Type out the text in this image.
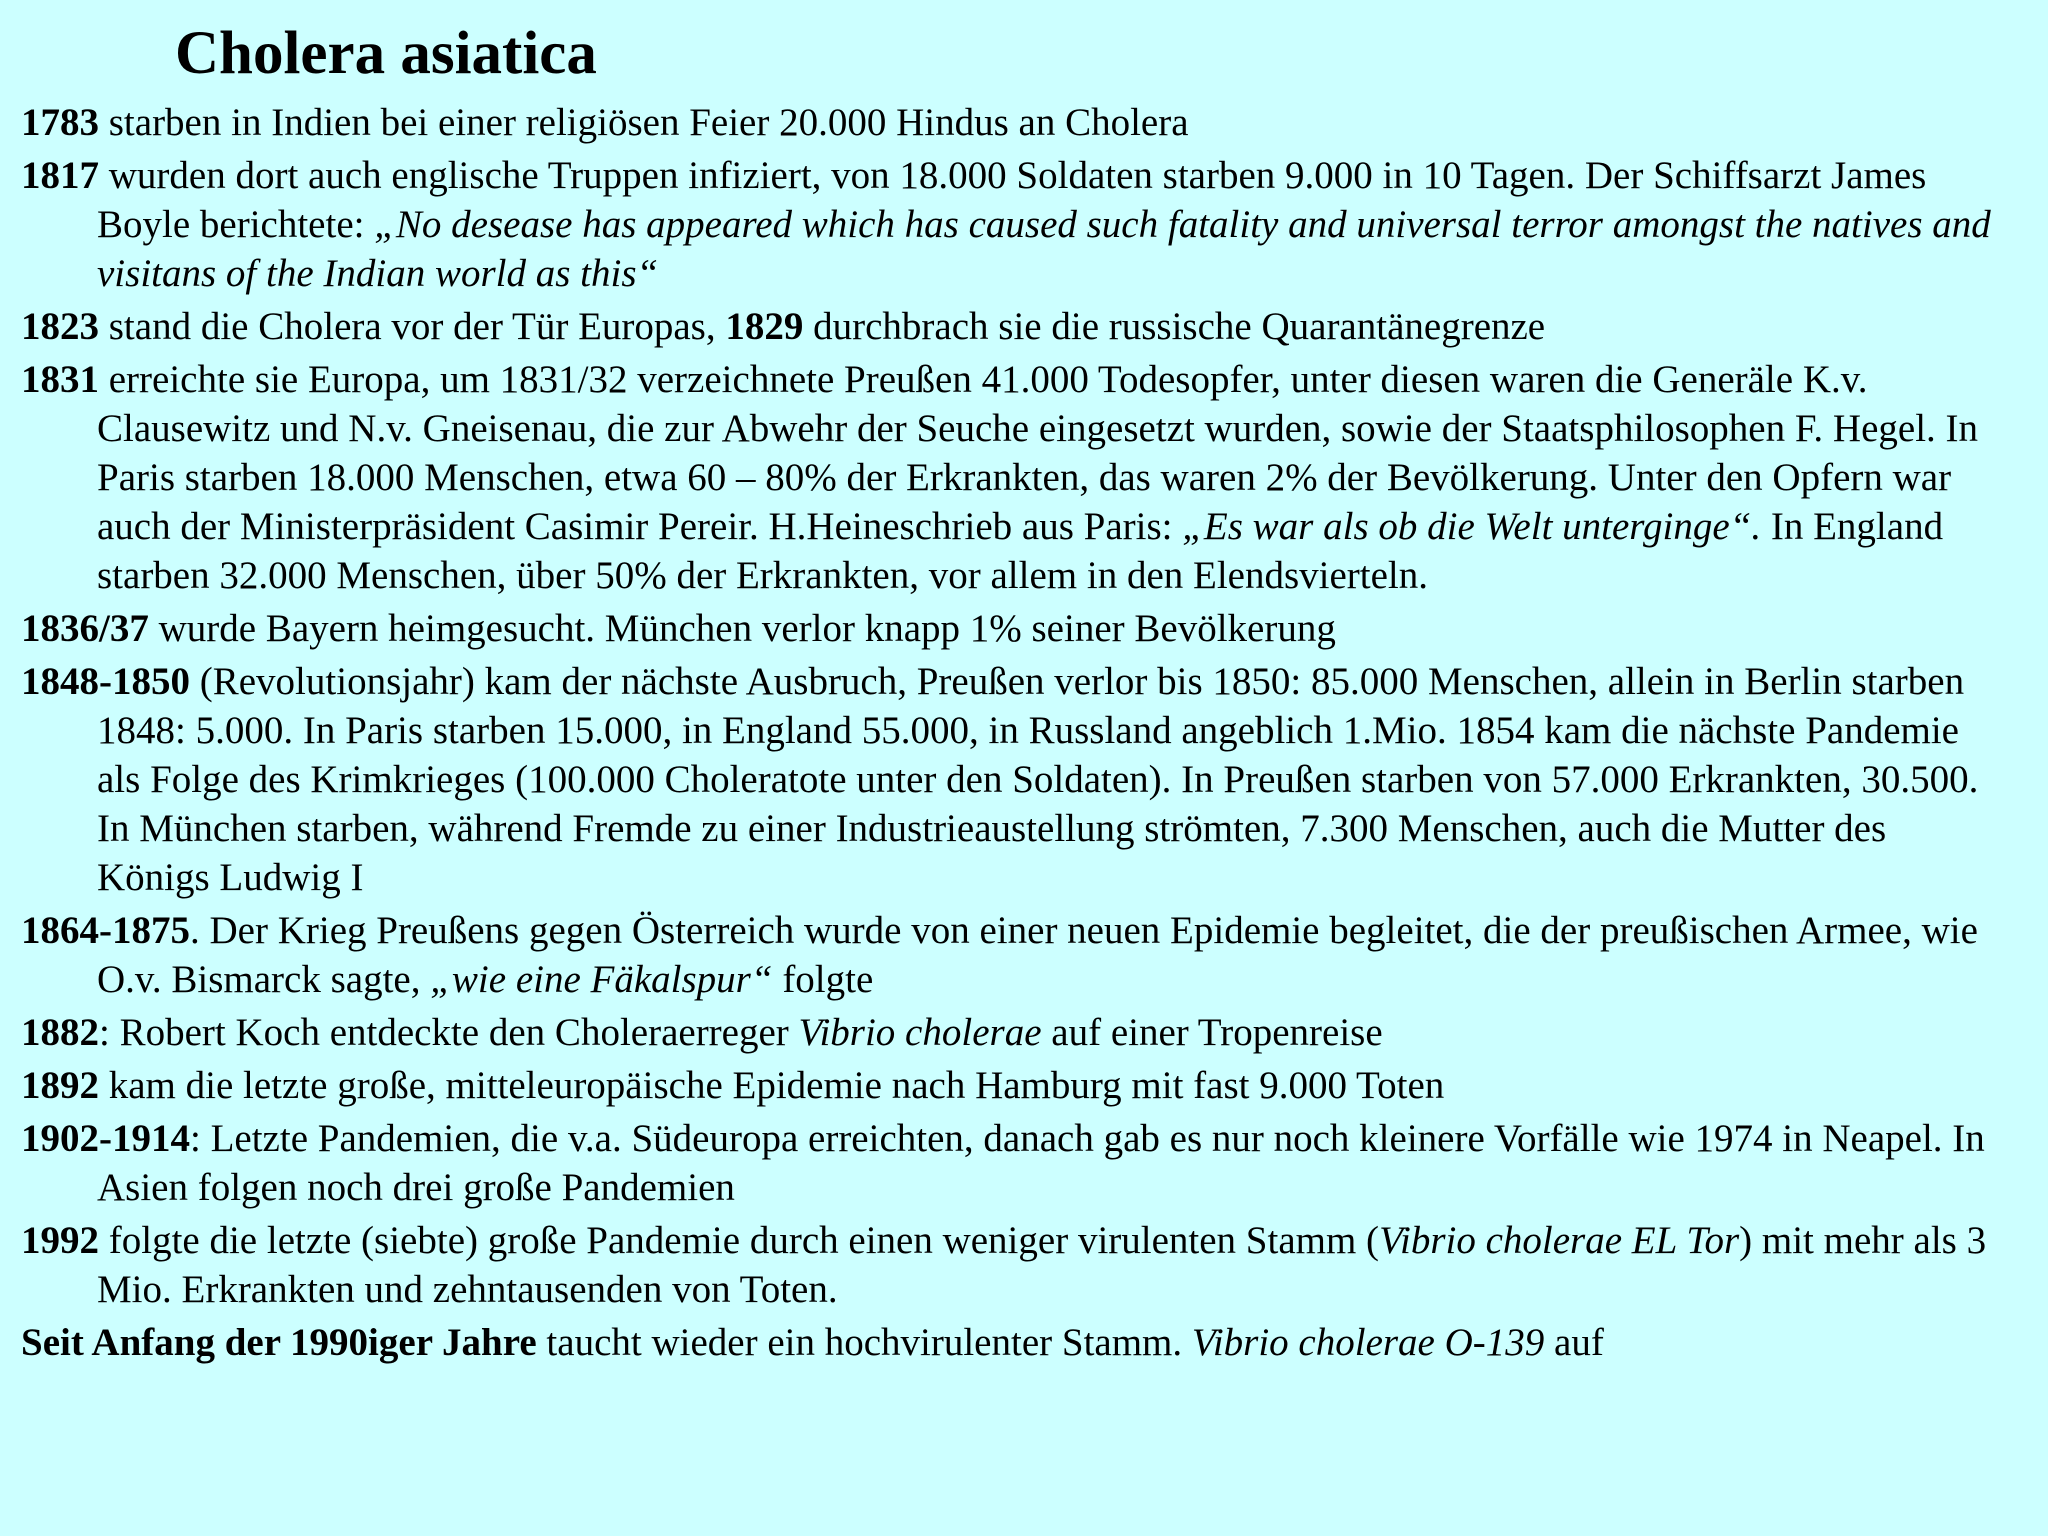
Cholera asiatica
1783 starben in Indien bei einer religiösen Feier 20.000 Hindus an Cholera
1817 wurden dort auch englische Truppen infiziert, von 18.000 Soldaten starben 9.000 in 10 Tagen. Der Schiffsarzt James Boyle berichtete: „No desease has appeared which has caused such fatality and universal terror amongst the natives and visitans of the Indian world as this“
1823 stand die Cholera vor der Tür Europas, 1829 durchbrach sie die russische Quarantänegrenze
1831 erreichte sie Europa, um 1831/32 verzeichnete Preußen 41.000 Todesopfer, unter diesen waren die Generäle K.v. Clausewitz und N.v. Gneisenau, die zur Abwehr der Seuche eingesetzt wurden, sowie der Staatsphilosophen F. Hegel. In Paris starben 18.000 Menschen, etwa 60 – 80% der Erkrankten, das waren 2% der Bevölkerung. Unter den Opfern war auch der Ministerpräsident Casimir Pereir. H.Heineschrieb aus Paris: „Es war als ob die Welt unterginge“. In England starben 32.000 Menschen, über 50% der Erkrankten, vor allem in den Elendsvierteln.
1836/37 wurde Bayern heimgesucht. München verlor knapp 1% seiner Bevölkerung
1848-1850 (Revolutionsjahr) kam der nächste Ausbruch, Preußen verlor bis 1850: 85.000 Menschen, allein in Berlin starben 1848: 5.000. In Paris starben 15.000, in England 55.000, in Russland angeblich 1.Mio. 1854 kam die nächste Pandemie als Folge des Krimkrieges (100.000 Choleratote unter den Soldaten). In Preußen starben von 57.000 Erkrankten, 30.500. In München starben, während Fremde zu einer Industrieaustellung strömten, 7.300 Menschen, auch die Mutter des Königs Ludwig I
1864-1875. Der Krieg Preußens gegen Österreich wurde von einer neuen Epidemie begleitet, die der preußischen Armee, wie O.v. Bismarck sagte, „wie eine Fäkalspur“ folgte
1882: Robert Koch entdeckte den Choleraerreger Vibrio cholerae auf einer Tropenreise
1892 kam die letzte große, mitteleuropäische Epidemie nach Hamburg mit fast 9.000 Toten
1902-1914: Letzte Pandemien, die v.a. Südeuropa erreichten, danach gab es nur noch kleinere Vorfälle wie 1974 in Neapel. In Asien folgen noch drei große Pandemien
1992 folgte die letzte (siebte) große Pandemie durch einen weniger virulenten Stamm (Vibrio cholerae EL Tor) mit mehr als 3 Mio. Erkrankten und zehntausenden von Toten.
Seit Anfang der 1990iger Jahre taucht wieder ein hochvirulenter Stamm. Vibrio cholerae O-139 auf
